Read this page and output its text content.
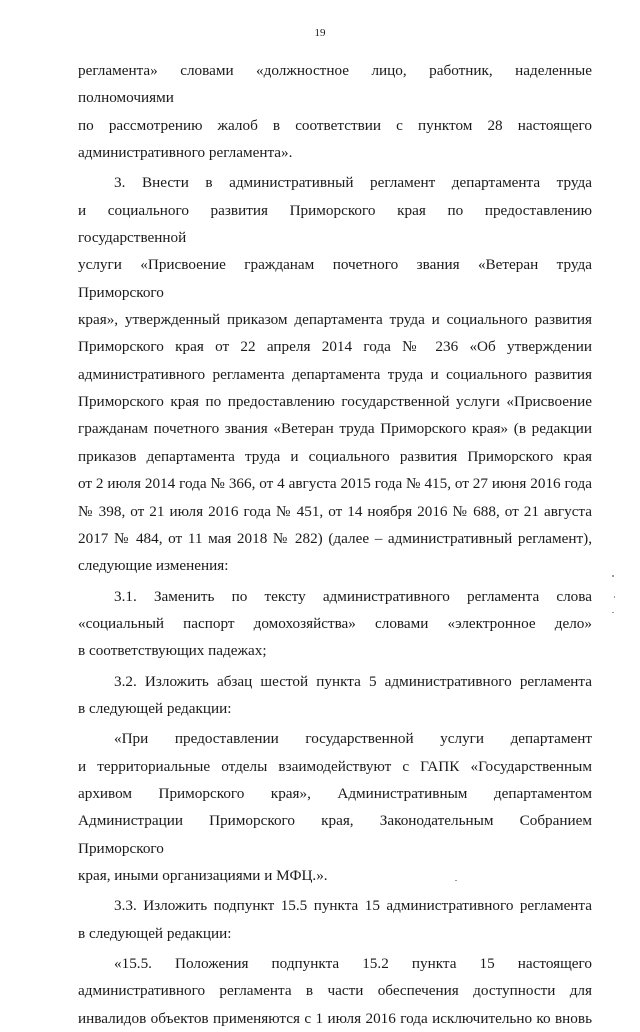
19

регламента» словами «должностное лицо, работник, наделенные полномочиями

по рассмотрению жалоб в соответствии с пунктом 28 настоящего

административного регламента».

3. Внести в административный регламент департамента труда

и социального развития Приморского края по предоставлению государственной

услуги «Присвоение гражданам почетного звания «Ветеран труда Приморского

края», утвержденный приказом департамента труда и социального развития

Приморского края от 22 апреля 2014 года № 236 «Об утверждении

административного регламента департамента труда и социального развития

Приморского края по предоставлению государственной услуги «Присвоение

гражданам почетного звания «Ветеран труда Приморского края» (в редакции

приказов департамента труда и социального развития Приморского края

от 2 июля 2014 года № 366, от 4 августа 2015 года № 415, от 27 июня 2016 года

№ 398, от 21 июля 2016 года № 451, от 14 ноября 2016 № 688, от 21 августа

2017 № 484, от 11 мая 2018 № 282) (далее – административный регламент),

следующие изменения:

3.1. Заменить по тексту административного регламента слова

«социальный паспорт домохозяйства» словами «электронное дело»

в соответствующих падежах;

3.2. Изложить абзац шестой пункта 5 административного регламента

в следующей редакции:

«При предоставлении государственной услуги департамент

и территориальные отделы взаимодействуют с ГАПК «Государственным

архивом Приморского края», Административным департаментом

Администрации Приморского края, Законодательным Собранием Приморского

края, иными организациями и МФЦ.».

3.3. Изложить подпункт 15.5 пункта 15 административного регламента

в следующей редакции:

«15.5. Положения подпункта 15.2 пункта 15 настоящего

административного регламента в части обеспечения доступности для

инвалидов объектов применяются с 1 июля 2016 года исключительно ко вновь
